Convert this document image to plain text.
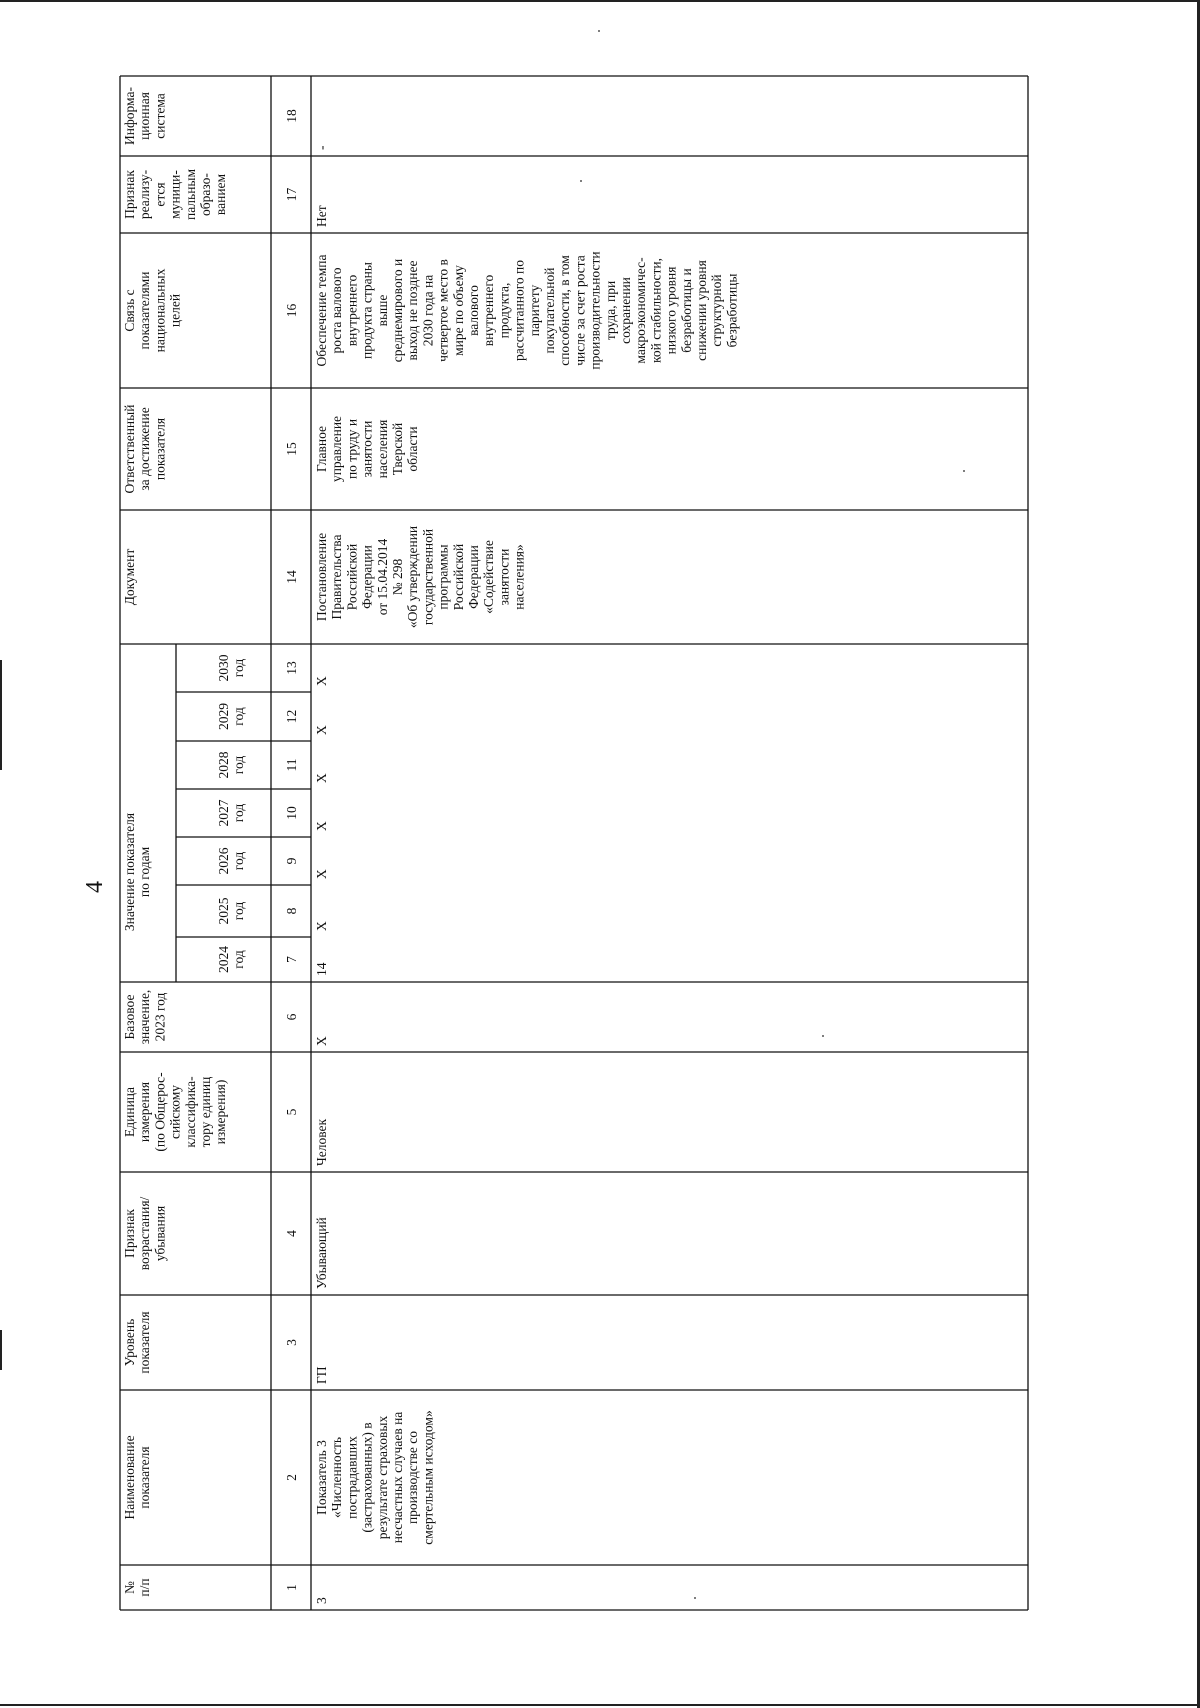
4
№п/п
Наименованиепоказателя
Уровеньпоказателя
Признаквозрастания/убывания
Единицаизмерения(по Общерос-сийскомуклассифика-тору единицизмерения)
Базовоезначение,2023 год
Значение показателяпо годам
2024год
2025год
2026год
2027год
2028год
2029год
2030год
Документ
Ответственныйза достижениепоказателя
Связь споказателяминациональныхцелей
Признакреализу-етсямуници-пальнымобразо-ванием
Информа-ционнаясистема
1
2
3
4
5
6
7
8
9
10
11
12
13
14
15
16
17
18
3
Показатель 3«Численностьпострадавших(застрахованных) врезультате страховыхнесчастных случаев напроизводстве сосмертельным исходом»
ГП
Убывающий
Человек
X
14
X
X
X
X
X
X
ПостановлениеПравительстваРоссийскойФедерацииот 15.04.2014№ 298«Об утверждениигосударственнойпрограммыРоссийскойФедерации«Содействиезанятостинаселения»
Главноеуправлениепо труду изанятостинаселенияТверскойобласти
Обеспечение темпароста валовоговнутреннегопродукта странывышесреднемирового ивыход не позднее2030 года начетвертое место вмире по объемуваловоговнутреннегопродукта,рассчитанного попаритетупокупательнойспособности, в томчисле за счет ростапроизводительноститруда, присохранениимакроэкономичес-кой стабильности,низкого уровнябезработицы иснижении уровняструктурнойбезработицы
Нет
-
